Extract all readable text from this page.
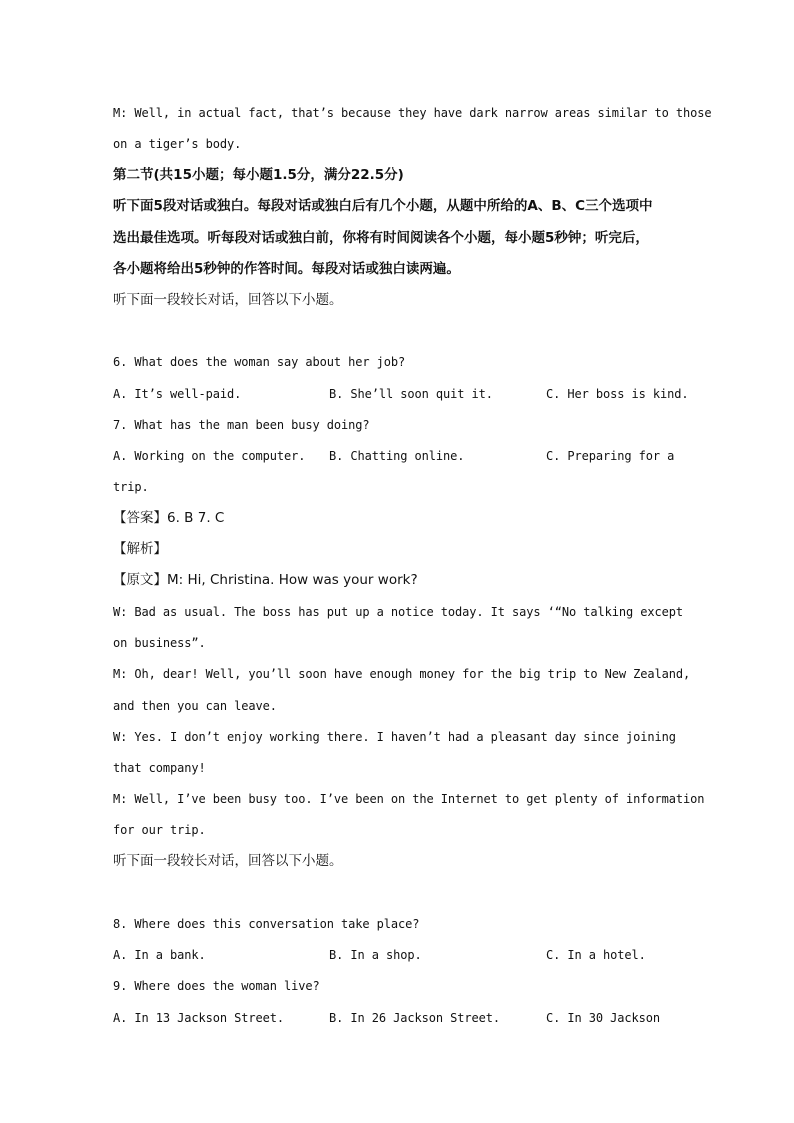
M: Well, in actual fact, that’s because they have dark narrow areas similar to those
on a tiger’s body.
第二节(共15小题；每小题1.5分，满分22.5分)
听下面5段对话或独白。每段对话或独白后有几个小题，从题中所给的A、B、C三个选项中
选出最佳选项。听每段对话或独白前，你将有时间阅读各个小题，每小题5秒钟；听完后，
各小题将给出5秒钟的作答时间。每段对话或独白读两遍。
听下面一段较长对话，回答以下小题。
6. What does the woman say about her job?
A. It’s well-paid.	B. She’ll soon quit it.	C. Her boss is kind.
7. What has the man been busy doing?
A. Working on the computer. B. Chatting online.	C. Preparing for a
trip.
【答案】6. B 7. C
【解析】
【原文】M: Hi, Christina. How was your work?
W: Bad as usual. The boss has put up a notice today. It says ‘“No talking except
on business”.
M: Oh, dear! Well, you’ll soon have enough money for the big trip to New Zealand,
and then you can leave.
W: Yes. I don’t enjoy working there. I haven’t had a pleasant day since joining
that company!
M: Well, I’ve been busy too. I’ve been on the Internet to get plenty of information
for our trip.
听下面一段较长对话，回答以下小题。
8. Where does this conversation take place?
A. In a bank.	B. In a shop.	C. In a hotel.
9. Where does the woman live?
A. In 13 Jackson Street.	B. In 26 Jackson Street.	C. In 30 Jackson
